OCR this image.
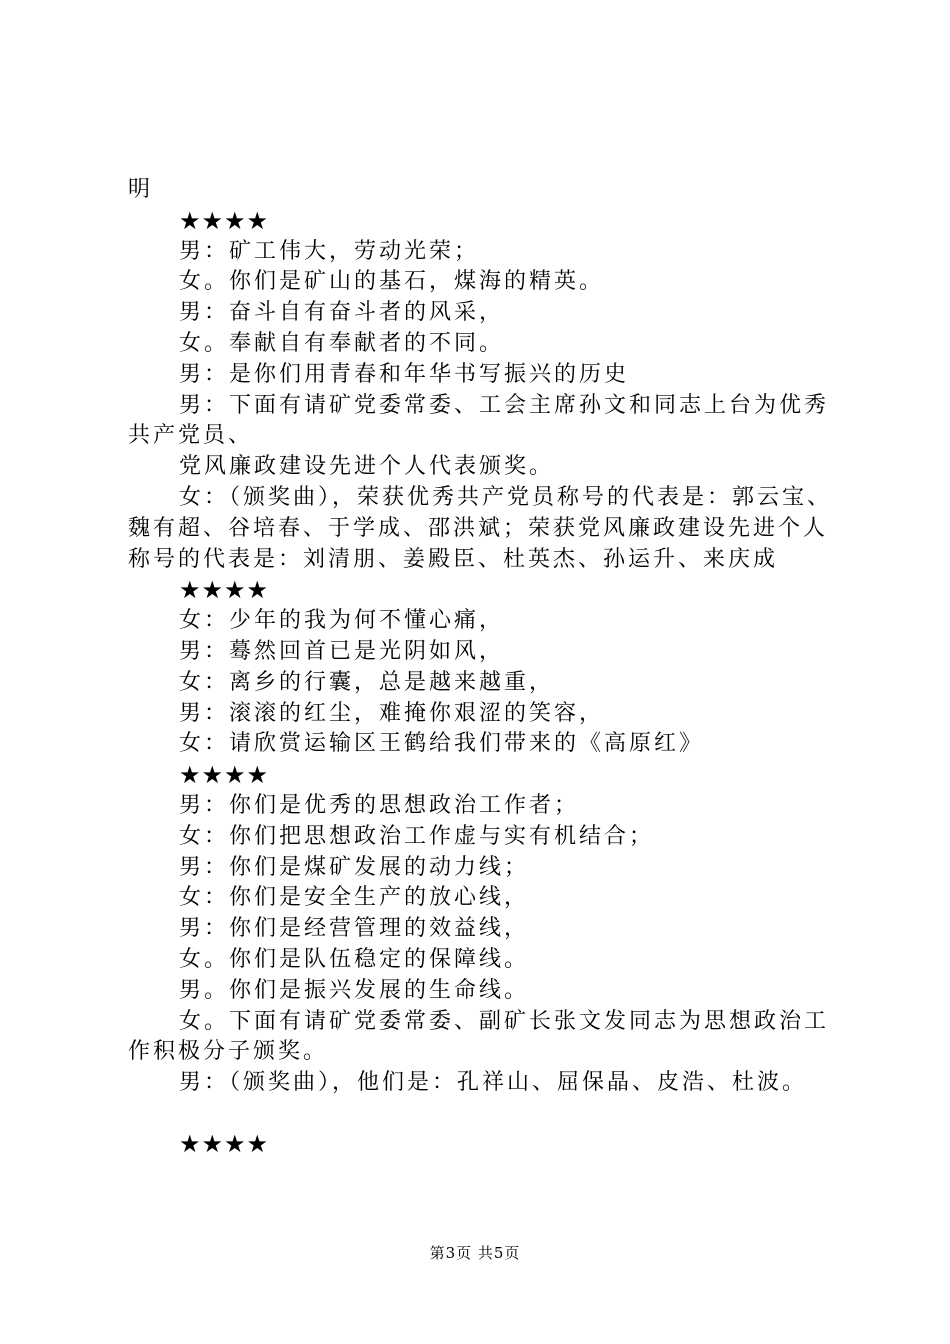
明
★★★★
男：矿工伟大，劳动光荣；
女。你们是矿山的基石，煤海的精英。
男：奋斗自有奋斗者的风采，
女。奉献自有奉献者的不同。
男：是你们用青春和年华书写振兴的历史
男：下面有请矿党委常委、工会主席孙文和同志上台为优秀共产党员、
党风廉政建设先进个人代表颁奖。
女：（颁奖曲），荣获优秀共产党员称号的代表是：郭云宝、魏有超、谷培春、于学成、邵洪斌；荣获党风廉政建设先进个人称号的代表是：刘清朋、姜殿臣、杜英杰、孙运升、来庆成
★★★★
女：少年的我为何不懂心痛，
男：蓦然回首已是光阴如风，
女：离乡的行囊，总是越来越重，
男：滚滚的红尘，难掩你艰涩的笑容，
女：请欣赏运输区王鹤给我们带来的《高原红》
★★★★
男：你们是优秀的思想政治工作者；
女：你们把思想政治工作虚与实有机结合；
男：你们是煤矿发展的动力线；
女：你们是安全生产的放心线，
男：你们是经营管理的效益线，
女。你们是队伍稳定的保障线。
男。你们是振兴发展的生命线。
女。下面有请矿党委常委、副矿长张文发同志为思想政治工作积极分子颁奖。
男：（颁奖曲），他们是：孔祥山、屈保晶、皮浩、杜波。
★★★★
第3页 共5页
